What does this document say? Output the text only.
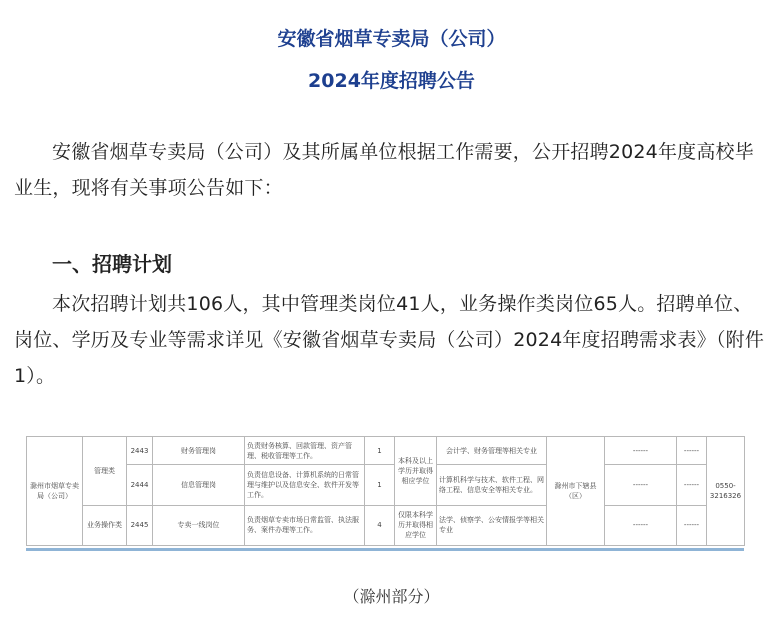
安徽省烟草专卖局（公司）

2024年度招聘公告

安徽省烟草专卖局（公司）及其所属单位根据工作需要，公开招聘2024年度高校毕业生，现将有关事项公告如下：

一、招聘计划

本次招聘计划共106人，其中管理类岗位41人，业务操作类岗位65人。招聘单位、岗位、学历及专业等需求详见《安徽省烟草专卖局（公司）2024年度招聘需求表》（附件1）。

滁州市烟草专卖局（公司）	管理类	2443	财务管理岗	负责财务核算、回款管理、资产管理、税收管理等工作。	1	本科及以上学历并取得相应学位	会计学、财务管理等相关专业	滁州市下辖县（区）	------	------	0550-3216326
		2444	信息管理岗	负责信息设备、计算机系统的日常管理与维护以及信息安全、软件开发等工作。	1		计算机科学与技术、软件工程、网络工程、信息安全等相关专业。		------	------	
	业务操作类	2445	专卖一线岗位	负责烟草专卖市场日常监管、执法服务、案件办理等工作。	4	仅限本科学历并取得相应学位	法学、侦察学、公安情报学等相关专业		------	------	

（滁州部分）
